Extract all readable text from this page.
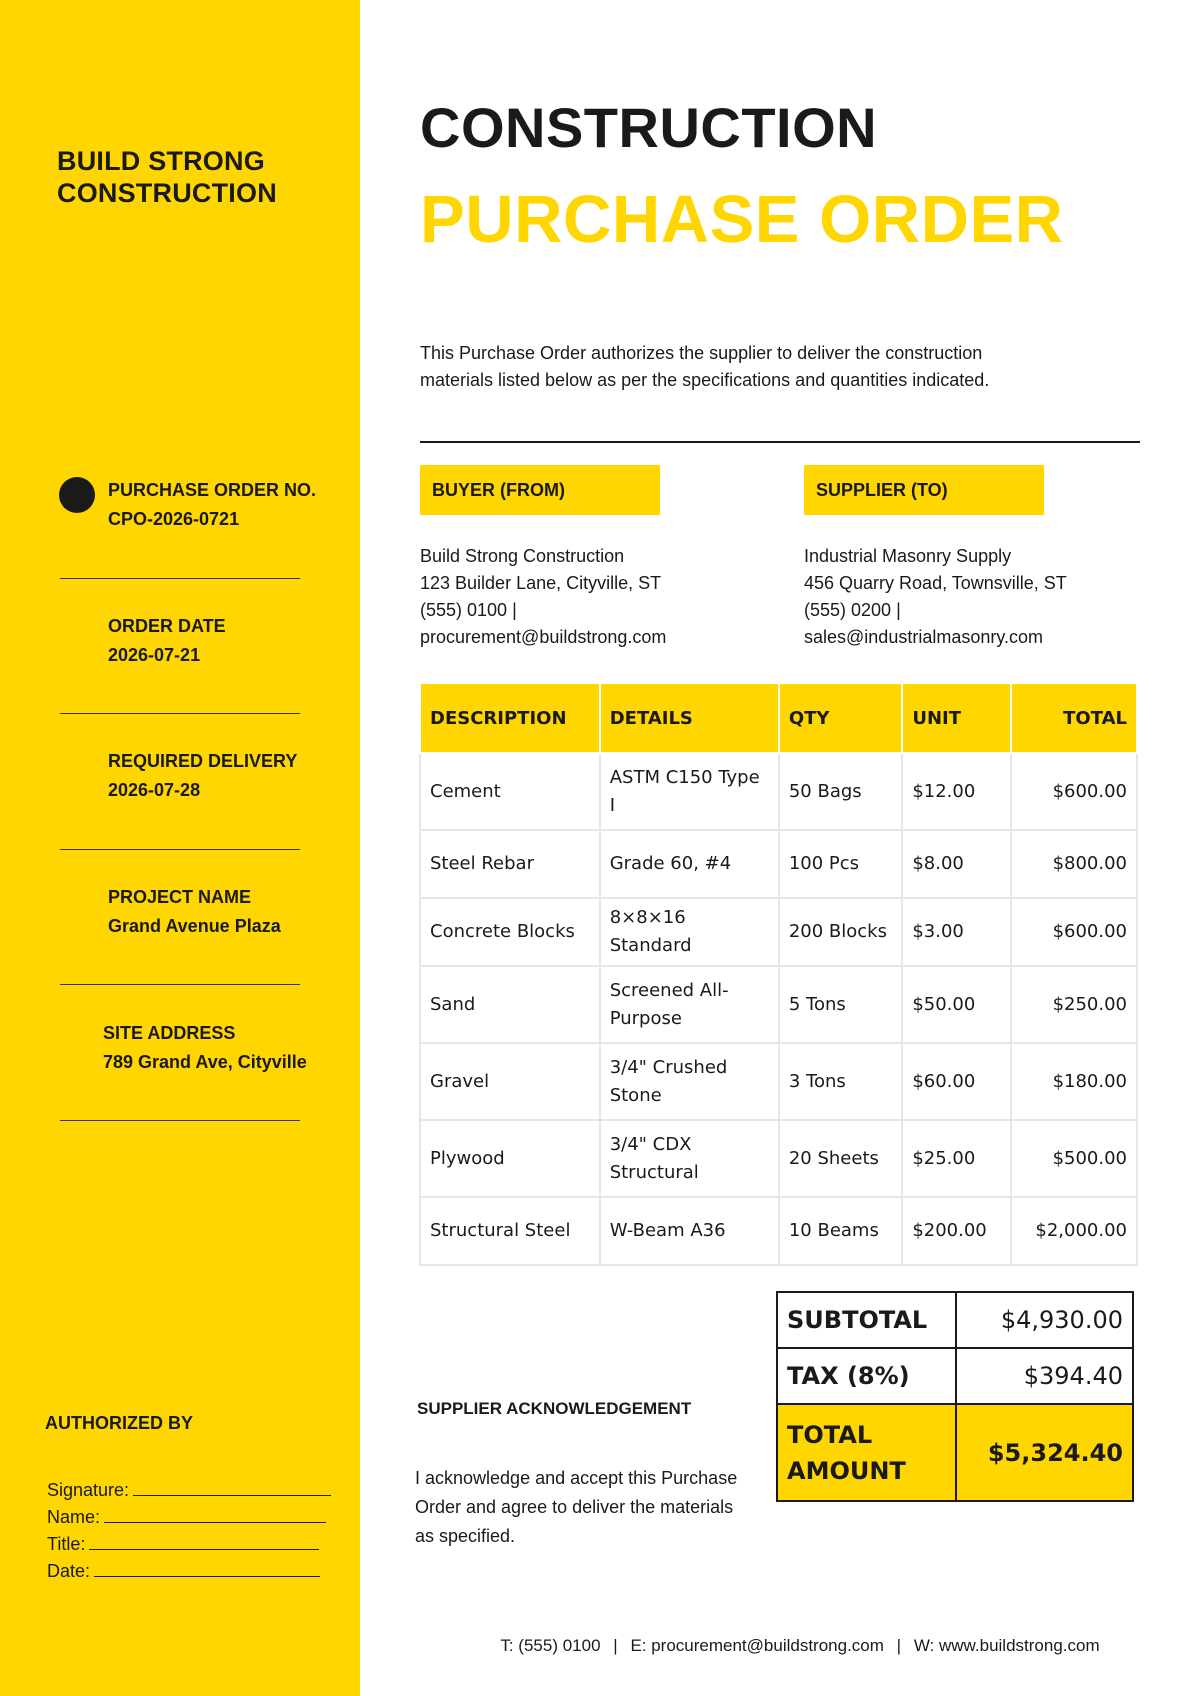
BUILD STRONG
CONSTRUCTION
PURCHASE ORDER NO.
CPO-2026-0721
ORDER DATE
2026-07-21
REQUIRED DELIVERY
2026-07-28
PROJECT NAME
Grand Avenue Plaza
SITE ADDRESS
789 Grand Ave, Cityville
AUTHORIZED BY
Signature:
Name:
Title:
Date:
CONSTRUCTION
PURCHASE ORDER
This Purchase Order authorizes the supplier to deliver the construction
materials listed below as per the specifications and quantities indicated.
BUYER (FROM)	SUPPLIER (TO)
Build Strong Construction
123 Builder Lane, Cityville, ST
(555) 0100 |
procurement@buildstrong.com
Industrial Masonry Supply
456 Quarry Road, Townsville, ST
(555) 0200 |
sales@industrialmasonry.com
DESCRIPTION	DETAILS	QTY	UNIT	TOTAL
Cement	ASTM C150 Type I	50 Bags	$12.00	$600.00
Steel Rebar	Grade 60, #4	100 Pcs	$8.00	$800.00
Concrete Blocks	8×8×16 Standard	200 Blocks	$3.00	$600.00
Sand	Screened All-Purpose	5 Tons	$50.00	$250.00
Gravel	3/4" Crushed Stone	3 Tons	$60.00	$180.00
Plywood	3/4" CDX Structural	20 Sheets	$25.00	$500.00
Structural Steel	W-Beam A36	10 Beams	$200.00	$2,000.00
SUBTOTAL	$4,930.00
TAX (8%)	$394.40

TOTAL
AMOUNT	$5,324.40
SUPPLIER ACKNOWLEDGEMENT
I acknowledge and accept this Purchase
Order and agree to deliver the materials
as specified.
T: (555) 0100 | E: procurement@buildstrong.com | W: www.buildstrong.com
